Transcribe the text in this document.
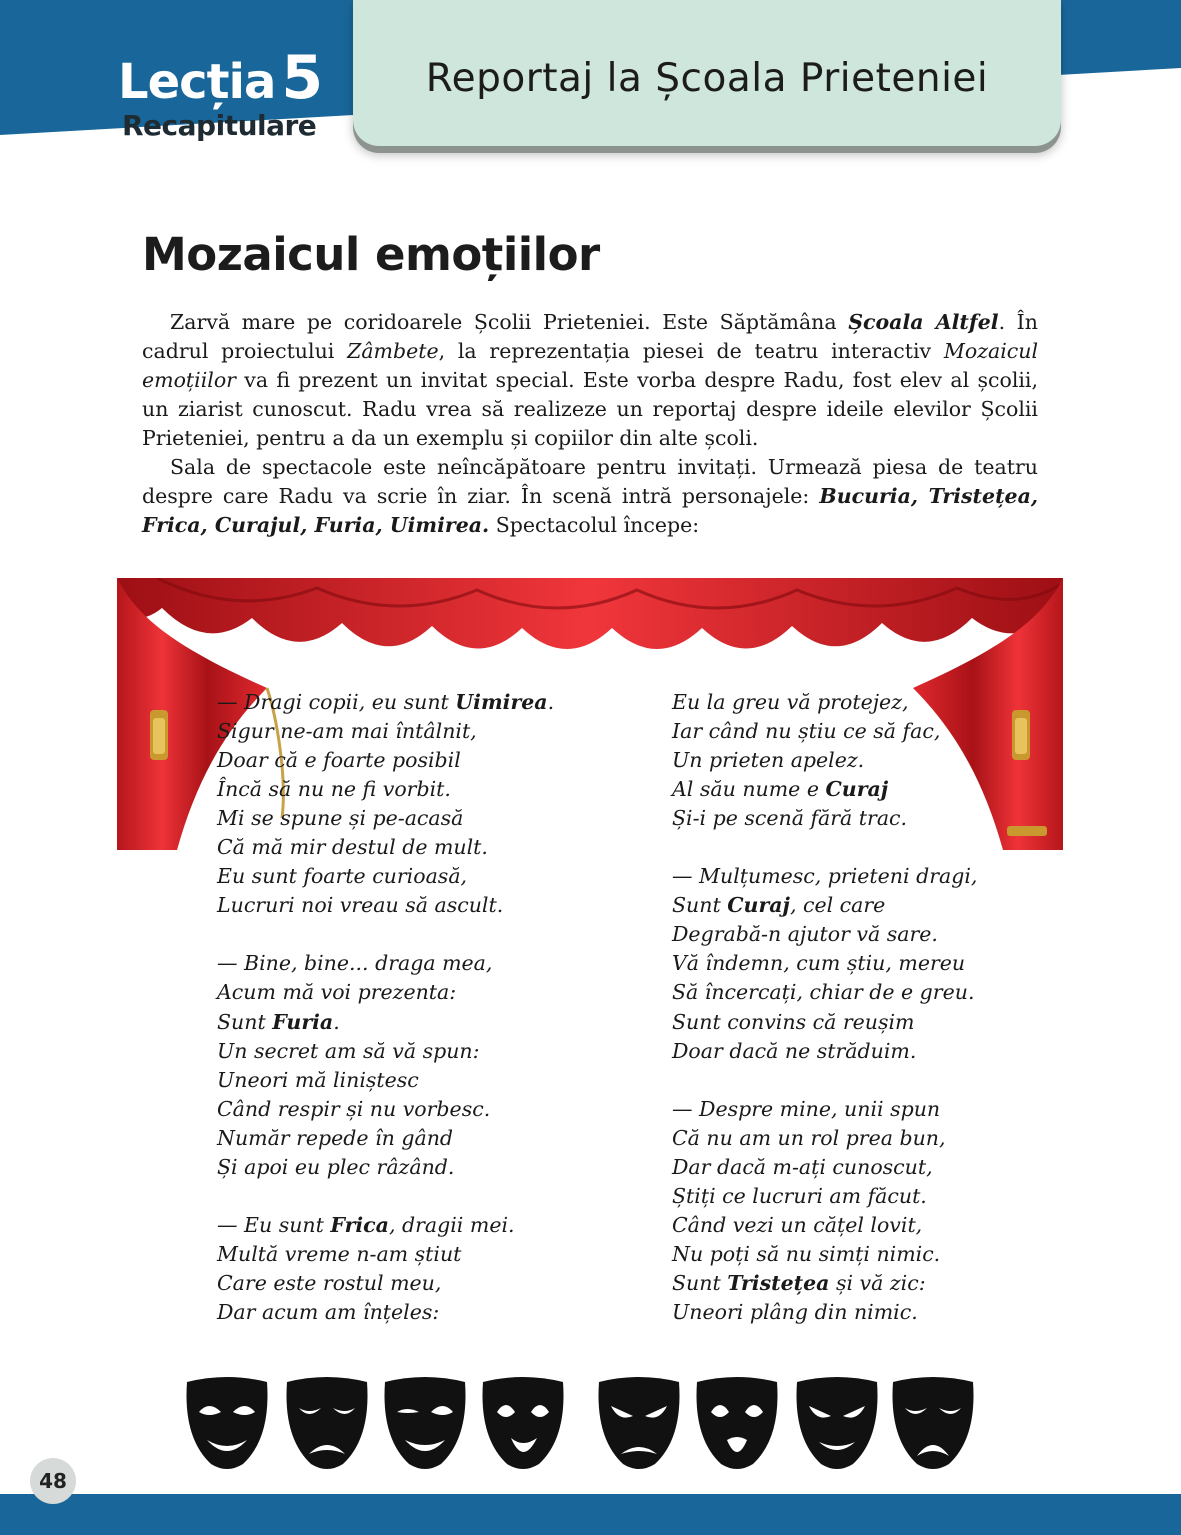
Reportaj la Școala Prieteniei
Lecția 5
Recapitulare
Mozaicul emoțiilor

Zarvă mare pe coridoarele Școlii Prieteniei. Este Săptămâna Școala Altfel. În cadrul proiectului Zâmbete, la reprezentația piesei de teatru interactiv Mozaicul emoțiilor va fi prezent un invitat special. Este vorba despre Radu, fost elev al școlii, un ziarist cunoscut. Radu vrea să realizeze un reportaj despre ideile elevilor Școlii Prieteniei, pentru a da un exemplu și copiilor din alte școli.

Sala de spectacole este neîncăpătoare pentru invitați. Urmează piesa de teatru despre care Radu va scrie în ziar. În scenă intră personajele: Bucuria, Tristețea, Frica, Curajul, Furia, Uimirea. Spectacolul începe:

— Dragi copii, eu sunt Uimirea.
Sigur ne-am mai întâlnit,
Doar că e foarte posibil
Încă să nu ne fi vorbit.
Mi se spune și pe-acasă
Că mă mir destul de mult.
Eu sunt foarte curioasă,
Lucruri noi vreau să ascult.
— Bine, bine... draga mea,
Acum mă voi prezenta:
Sunt Furia.
Un secret am să vă spun:
Uneori mă liniștesc
Când respir și nu vorbesc.
Număr repede în gând
Și apoi eu plec râzând.
— Eu sunt Frica, dragii mei.
Multă vreme n-am știut
Care este rostul meu,
Dar acum am înțeles:
Eu la greu vă protejez,
Iar când nu știu ce să fac,
Un prieten apelez.
Al său nume e Curaj
Și-i pe scenă fără trac.
— Mulțumesc, prieteni dragi,
Sunt Curaj, cel care
Degrabă-n ajutor vă sare.
Vă îndemn, cum știu, mereu
Să încercați, chiar de e greu.
Sunt convins că reușim
Doar dacă ne străduim.
— Despre mine, unii spun
Că nu am un rol prea bun,
Dar dacă m-ați cunoscut,
Știți ce lucruri am făcut.
Când vezi un cățel lovit,
Nu poți să nu simți nimic.
Sunt Tristețea și vă zic:
Uneori plâng din nimic.
48
